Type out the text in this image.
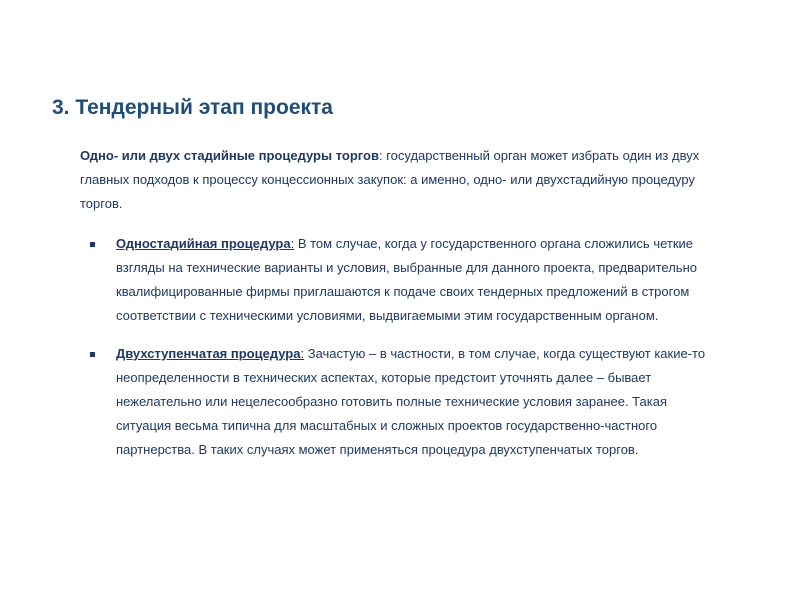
3. Тендерный этап проекта

Одно- или двух стадийные процедуры торгов: государственный орган может избрать один из двух главных подходов к процессу концессионных закупок: а именно, одно- или двухстадийную процедуру торгов.

Одностадийная процедура: В том случае, когда у государственного органа сложились четкие взгляды на технические варианты и условия, выбранные для данного проекта, предварительно квалифицированные фирмы приглашаются к подаче своих тендерных предложений в строгом соответствии с техническими условиями, выдвигаемыми этим государственным органом.
Двухступенчатая процедура: Зачастую – в частности, в том случае, когда существуют какие-то неопределенности в технических аспектах, которые предстоит уточнять далее – бывает нежелательно или нецелесообразно готовить полные технические условия заранее. Такая ситуация весьма типична для масштабных и сложных проектов государственно-частного партнерства. В таких случаях может применяться процедура двухступенчатых торгов.
